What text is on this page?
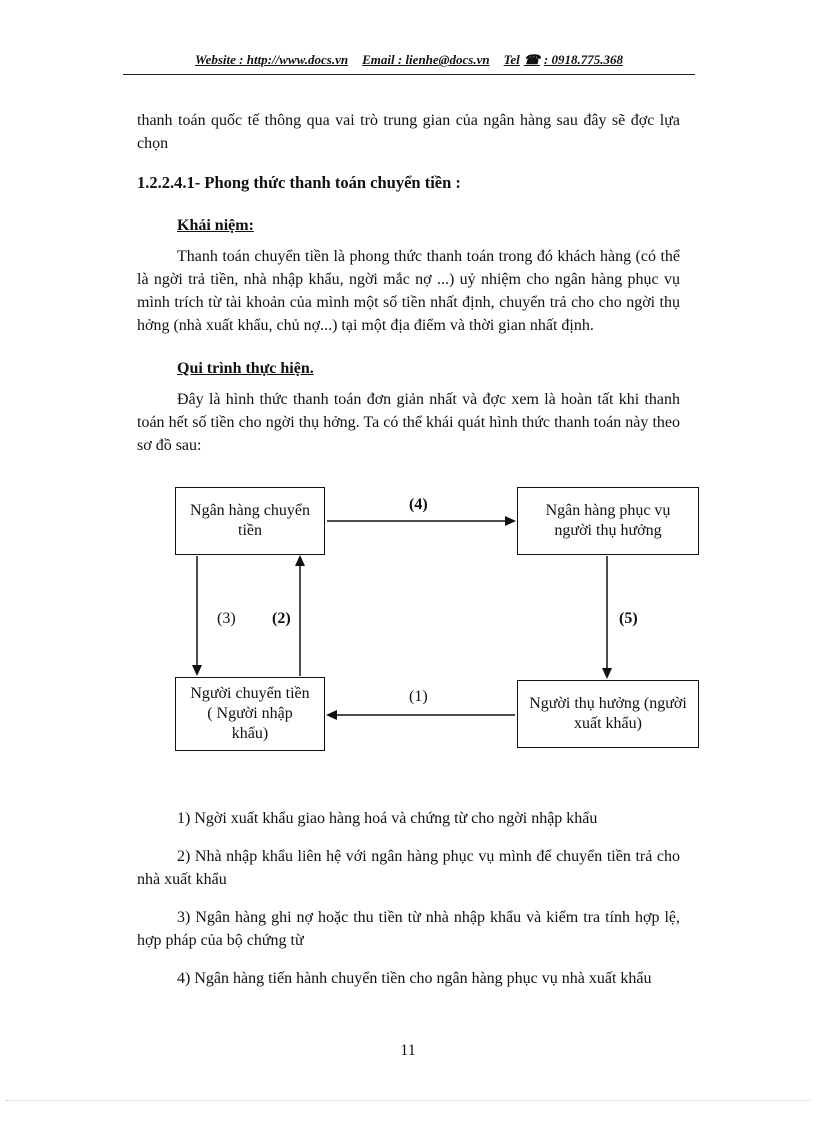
Website : http://www.docs.vn Email : lienhe@docs.vn Tel ☎ : 0918.775.368

thanh toán quốc tế thông qua vai trò trung gian của ngân hàng sau đây sẽ đợc lựa chọn

1.2.2.4.1- Phong thức thanh toán chuyển tiền :

Khái niệm:

Thanh toán chuyển tiền là phong thức thanh toán trong đó khách hàng (có thể là ngời trả tiền, nhà nhập khẩu, ngời mắc nợ ...) uỷ nhiệm cho ngân hàng phục vụ mình trích từ tài khoản của mình một số tiền nhất định, chuyển trả cho cho ngời thụ hởng (nhà xuất khẩu, chủ nợ...) tại một địa điểm và thời gian nhất định.

Qui trình thực hiện.

Đây là hình thức thanh toán đơn giản nhất và đợc xem là hoàn tất khi thanh toán hết số tiền cho ngời thụ hởng. Ta có thể khái quát hình thức thanh toán này theo sơ đồ sau:

Ngân hàng chuyển tiền
Ngân hàng phục vụ người thụ hưởng
Người chuyển tiền ( Người nhập khẩu)
Người thụ hưởng (người xuất khẩu)
(4)
(3) (2)	(5)
(1)

1) Ngời xuất khẩu giao hàng hoá và chứng từ cho ngời nhập khẩu

2) Nhà nhập khẩu liên hệ với ngân hàng phục vụ mình để chuyển tiền trả cho nhà xuất khẩu

3) Ngân hàng ghi nợ hoặc thu tiền từ nhà nhập khẩu và kiểm tra tính hợp lệ, hợp pháp của bộ chứng từ

4) Ngân hàng tiến hành chuyển tiền cho ngân hàng phục vụ nhà xuất khẩu

11
